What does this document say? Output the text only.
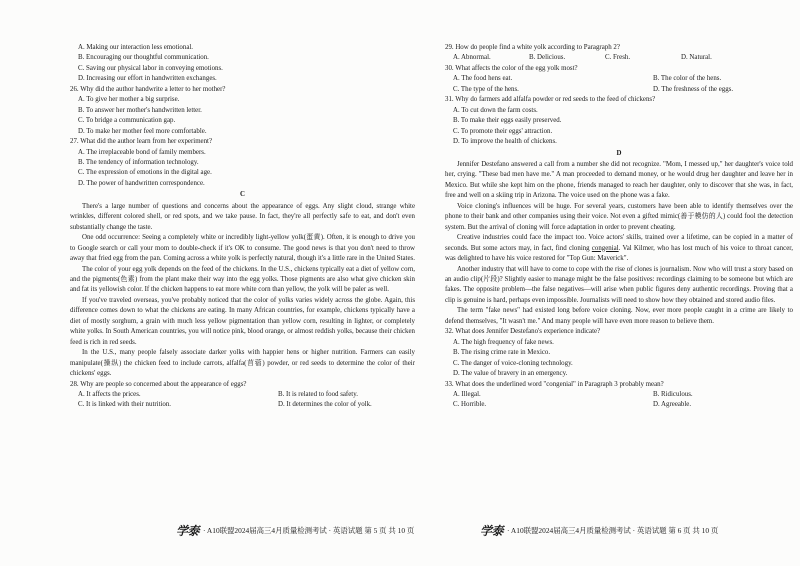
A. Making our interaction less emotional.
B. Encouraging our thoughtful communication.
C. Saving our physical labor in conveying emotions.
D. Increasing our effort in handwritten exchanges.
26. Why did the author handwrite a letter to her mother?
A. To give her mother a big surprise.
B. To answer her mother's handwritten letter.
C. To bridge a communication gap.
D. To make her mother feel more comfortable.
27. What did the author learn from her experiment?
A. The irreplaceable bond of family members.
B. The tendency of information technology.
C. The expression of emotions in the digital age.
D. The power of handwritten correspondence.
C

There's a large number of questions and concerns about the appearance of eggs. Any slight cloud, strange white wrinkles, different colored shell, or red spots, and we take pause. In fact, they're all perfectly safe to eat, and don't even substantially change the taste.

One odd occurrence: Seeing a completely white or incredibly light-yellow yolk(蛋黄). Often, it is enough to drive you to Google search or call your mom to double-check if it's OK to consume. The good news is that you don't need to throw away that fried egg from the pan. Coming across a white yolk is perfectly natural, though it's a little rare in the United States.

The color of your egg yolk depends on the feed of the chickens. In the U.S., chickens typically eat a diet of yellow corn, and the pigments(色素) from the plant make their way into the egg yolks. Those pigments are also what give chicken skin and fat its yellowish color. If the chicken happens to eat more white corn than yellow, the yolk will be paler as well.

If you've traveled overseas, you've probably noticed that the color of yolks varies widely across the globe. Again, this difference comes down to what the chickens are eating. In many African countries, for example, chickens typically have a diet of mostly sorghum, a grain with much less yellow pigmentation than yellow corn, resulting in lighter, or completely white yolks. In South American countries, you will notice pink, blood orange, or almost reddish yolks, because their chicken feed is rich in red seeds.

In the U.S., many people falsely associate darker yolks with happier hens or higher nutrition. Farmers can easily manipulate(操纵) the chicken feed to include carrots, alfalfa(苜蓿) powder, or red seeds to determine the color of their chickens' eggs.

28. Why are people so concerned about the appearance of eggs?
A. It affects the prices.	B. It is related to food safety.
C. It is linked with their nutrition.	D. It determines the color of yolk.
学泰 · A10联盟2024届高三4月质量检测考试 · 英语试题 第 5 页 共 10 页
29. How do people find a white yolk according to Paragraph 2?
A. Abnormal.	B. Delicious.	C. Fresh.	D. Natural.
30. What affects the color of the egg yolk most?
A. The food hens eat.	B. The color of the hens.
C. The type of the hens.	D. The freshness of the eggs.
31. Why do farmers add alfalfa powder or red seeds to the feed of chickens?
A. To cut down the farm costs.
B. To make their eggs easily preserved.
C. To promote their eggs' attraction.
D. To improve the health of chickens.
D

Jennifer Destefano answered a call from a number she did not recognize. "Mom, I messed up," her daughter's voice told her, crying. "These bad men have me." A man proceeded to demand money, or he would drug her daughter and leave her in Mexico. But while she kept him on the phone, friends managed to reach her daughter, only to discover that she was, in fact, free and well on a skiing trip in Arizona. The voice used on the phone was a fake.

Voice cloning's influences will be huge. For several years, customers have been able to identify themselves over the phone to their bank and other companies using their voice. Not even a gifted mimic(善于模仿的人) could fool the detection system. But the arrival of cloning will force adaptation in order to prevent cheating.

Creative industries could face the impact too. Voice actors' skills, trained over a lifetime, can be copied in a matter of seconds. But some actors may, in fact, find cloning congenial. Val Kilmer, who has lost much of his voice to throat cancer, was delighted to have his voice restored for "Top Gun: Maverick".

Another industry that will have to come to cope with the rise of clones is journalism. Now who will trust a story based on an audio clip(片段)? Slightly easier to manage might be the false positives: recordings claiming to be someone but which are fakes. The opposite problem—the false negatives—will arise when public figures deny authentic recordings. Proving that a clip is genuine is hard, perhaps even impossible. Journalists will need to show how they obtained and stored audio files.

The term "fake news" had existed long before voice cloning. Now, ever more people caught in a crime are likely to defend themselves, "It wasn't me." And many people will have even more reason to believe them.

32. What does Jennifer Destefano's experience indicate?
A. The high frequency of fake news.
B. The rising crime rate in Mexico.
C. The danger of voice-cloning technology.
D. The value of bravery in an emergency.
33. What does the underlined word "congenial" in Paragraph 3 probably mean?
A. Illegal.	B. Ridiculous.
C. Horrible.	D. Agreeable.
学泰 · A10联盟2024届高三4月质量检测考试 · 英语试题 第 6 页 共 10 页
